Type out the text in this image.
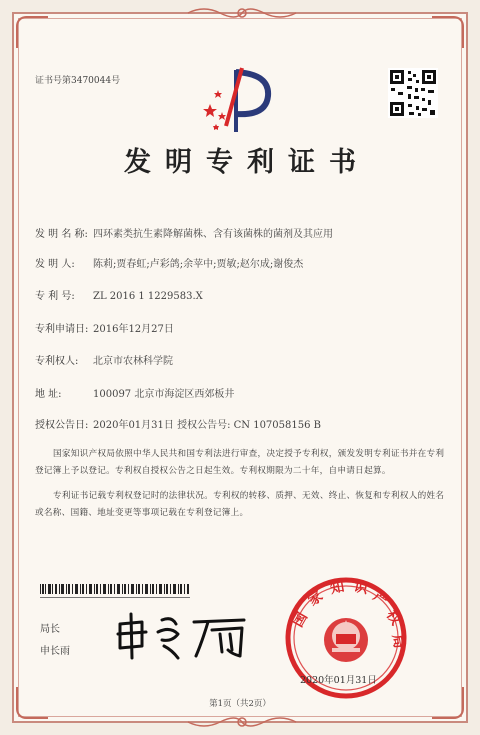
证书号第3470044号
发明专利证书
发 明 名 称: 四环素类抗生素降解菌株、含有该菌株的菌剂及其应用
发 明 人: 陈莉;贾春虹;卢彩鸽;余苹中;贾敏;赵尔成;谢俊杰
专 利 号: ZL 2016 1 1229583.X
专利申请日: 2016年12月27日
专利权人: 北京市农林科学院
地 址:	100097 北京市海淀区西郊板井
授权公告日: 2020年01月31日 授权公告号: CN 107058156 B
国家知识产权局依照中华人民共和国专利法进行审查，决定授予专利权，颁发发明专利证书并在专利登记簿上予以登记。专利权自授权公告之日起生效。专利权期限为二十年，自申请日起算。
专利证书记载专利权登记时的法律状况。专利权的转移、质押、无效、终止、恢复和专利权人的姓名或名称、国籍、地址变更等事项记载在专利登记簿上。
局长
申长雨
国
家
知 识
产
权
局
2020年01月31日
第1页（共2页）
